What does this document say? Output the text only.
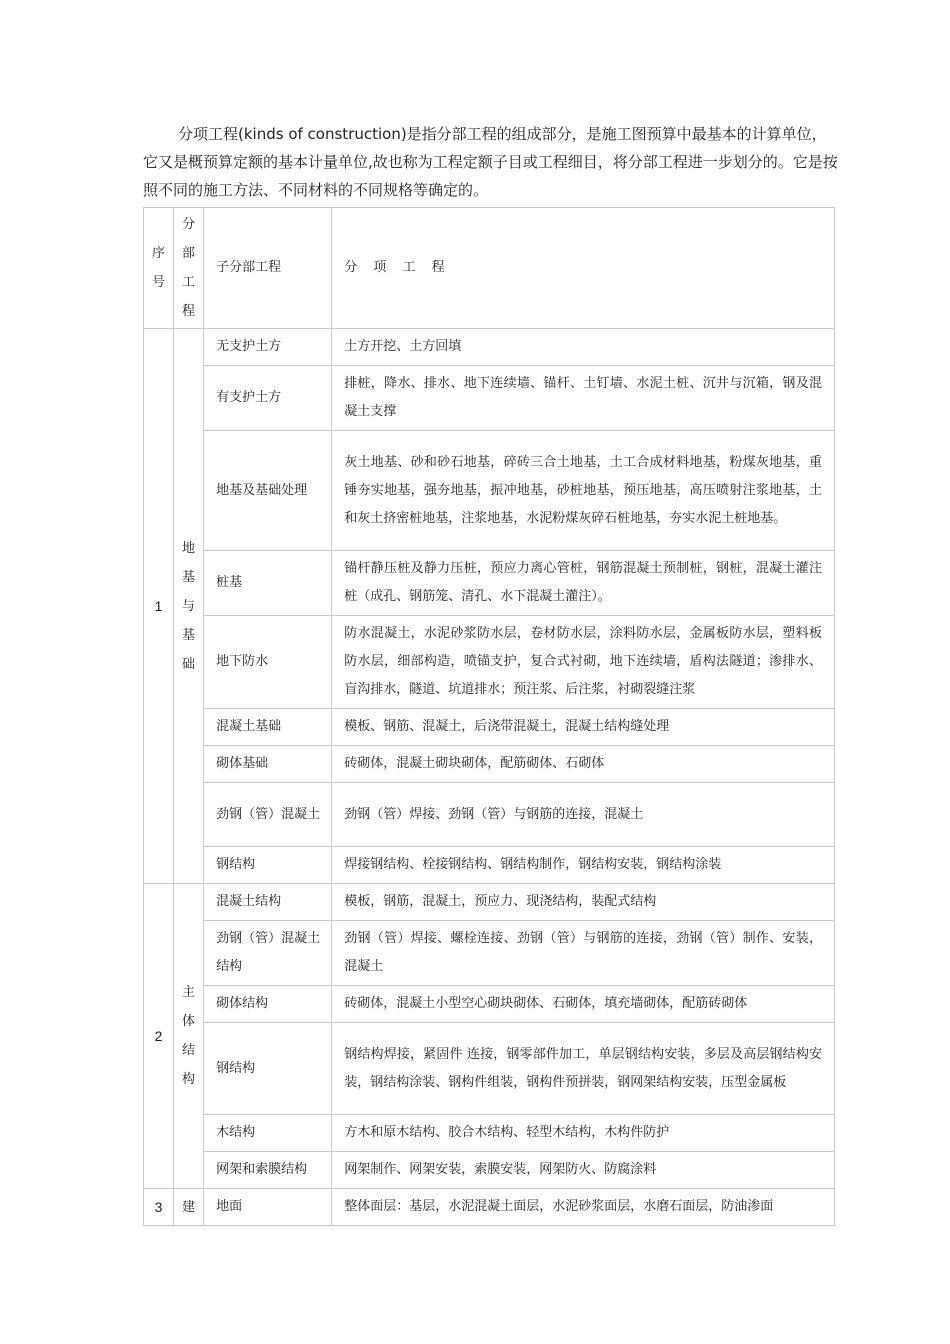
分项工程(kinds of construction)是指分部工程的组成部分，是施工图预算中最基本的计算单位，它又是概预算定额的基本计量单位,故也称为工程定额子目或工程细目，将分部工程进一步划分的。它是按照不同的施工方法、不同材料的不同规格等确定的。

序号	分部工程	子分部工程	分 项 工 程
1	地基与基础	无支护土方	土方开挖、土方回填
		有支护土方	排桩，降水、排水、地下连续墙、锚杆、土钉墙、水泥土桩、沉井与沉箱，钢及混凝土支撑
		地基及基础处理	灰土地基、砂和砂石地基，碎砖三合土地基，土工合成材料地基，粉煤灰地基，重锤夯实地基，强夯地基，振冲地基，砂桩地基，预压地基，高压喷射注浆地基，土和灰土挤密桩地基，注浆地基，水泥粉煤灰碎石桩地基，夯实水泥土桩地基。
		桩基	锚杆静压桩及静力压桩，预应力离心管桩，钢筋混凝土预制桩，钢桩，混凝土灌注桩（成孔、钢筋笼、清孔、水下混凝土灌注）。
		地下防水	防水混凝土，水泥砂浆防水层，卷材防水层，涂料防水层，金属板防水层，塑料板防水层，细部构造，喷锚支护，复合式衬砌，地下连续墙，盾构法隧道；渗排水、盲沟排水，隧道、坑道排水；预注浆、后注浆，衬砌裂缝注浆
		混凝土基础	模板、钢筋、混凝土，后浇带混凝土，混凝土结构缝处理
		砌体基础	砖砌体，混凝土砌块砌体，配筋砌体、石砌体
		劲钢（管）混凝土	劲钢（管）焊接、劲钢（管）与钢筋的连接，混凝土
		钢结构	焊接钢结构、栓接钢结构、钢结构制作，钢结构安装，钢结构涂装
2	主体结构	混凝土结构	模板，钢筋，混凝土，预应力、现浇结构，装配式结构
		劲钢（管）混凝土结构	劲钢（管）焊接、螺栓连接、劲钢（管）与钢筋的连接，劲钢（管）制作、安装，混凝土
		砌体结构	砖砌体，混凝土小型空心砌块砌体、石砌体，填充墙砌体，配筋砖砌体
		钢结构	钢结构焊接，紧固件 连接，钢零部件加工，单层钢结构安装，多层及高层钢结构安装，钢结构涂装、钢构件组装，钢构件预拼装，钢网架结构安装，压型金属板
		木结构	方木和原木结构、胶合木结构、轻型木结构，木构件防护
		网架和索膜结构	网架制作、网架安装，索膜安装，网架防火、防腐涂料
3	建	地面	整体面层：基层，水泥混凝土面层，水泥砂浆面层，水磨石面层，防油渗面
